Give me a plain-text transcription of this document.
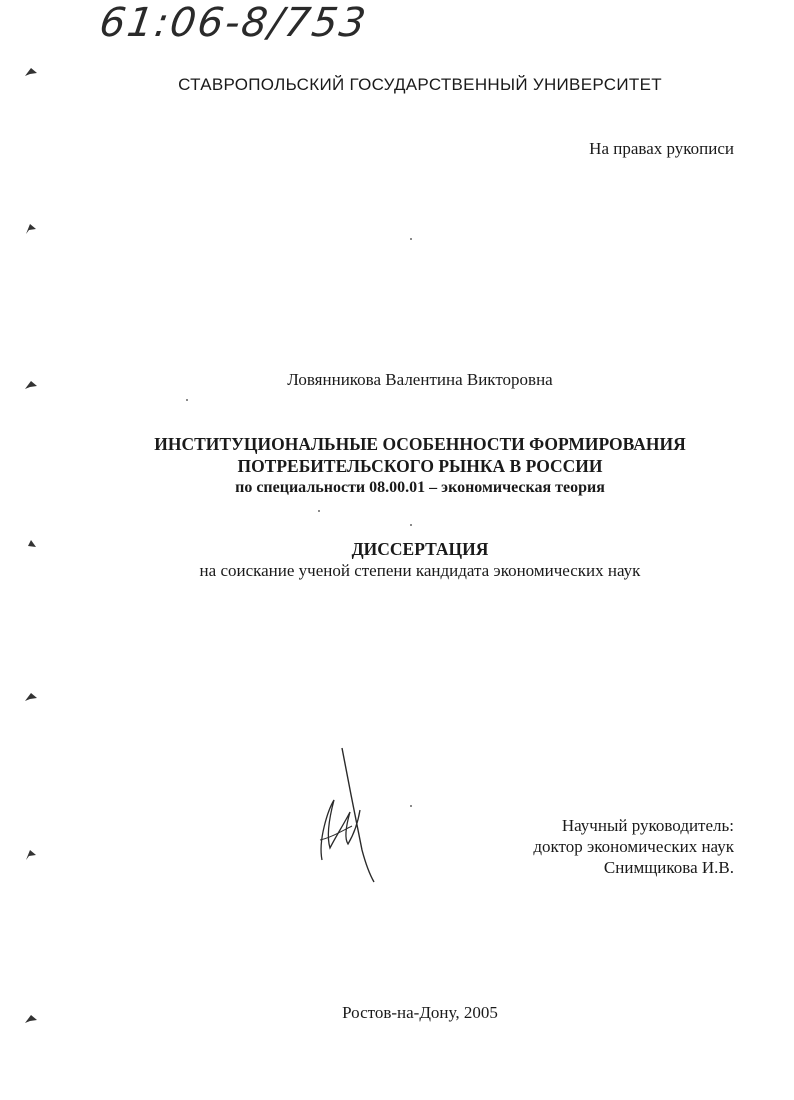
61:06-8/753
СТАВРОПОЛЬСКИЙ ГОСУДАРСТВЕННЫЙ УНИВЕРСИТЕТ
На правах рукописи
Ловянникова Валентина Викторовна
ИНСТИТУЦИОНАЛЬНЫЕ ОСОБЕННОСТИ ФОРМИРОВАНИЯ
ПОТРЕБИТЕЛЬСКОГО РЫНКА В РОССИИ
по специальности 08.00.01 – экономическая теория
ДИССЕРТАЦИЯ
на соискание ученой степени кандидата экономических наук
Научный руководитель:
доктор экономических наук
Снимщикова И.В.
Ростов-на-Дону, 2005
